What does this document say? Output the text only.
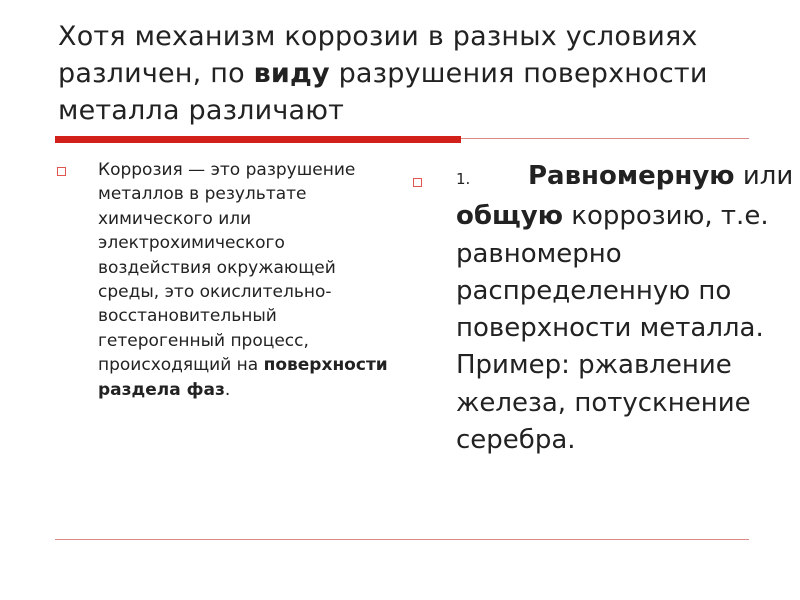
Хотя механизм коррозии в разных условиях различен, по виду разрушения поверхности металла различают
Коррозия — это разрушение металлов в результате химического или электрохимического воздействия окружающей среды, это окислительно-восстановительный гетерогенный процесс, происходящий на поверхности раздела фаз.
1. Равномерную или общую коррозию, т.е. равномерно распределенную по поверхности металла. Пример: ржавление железа, потускнение серебра.
